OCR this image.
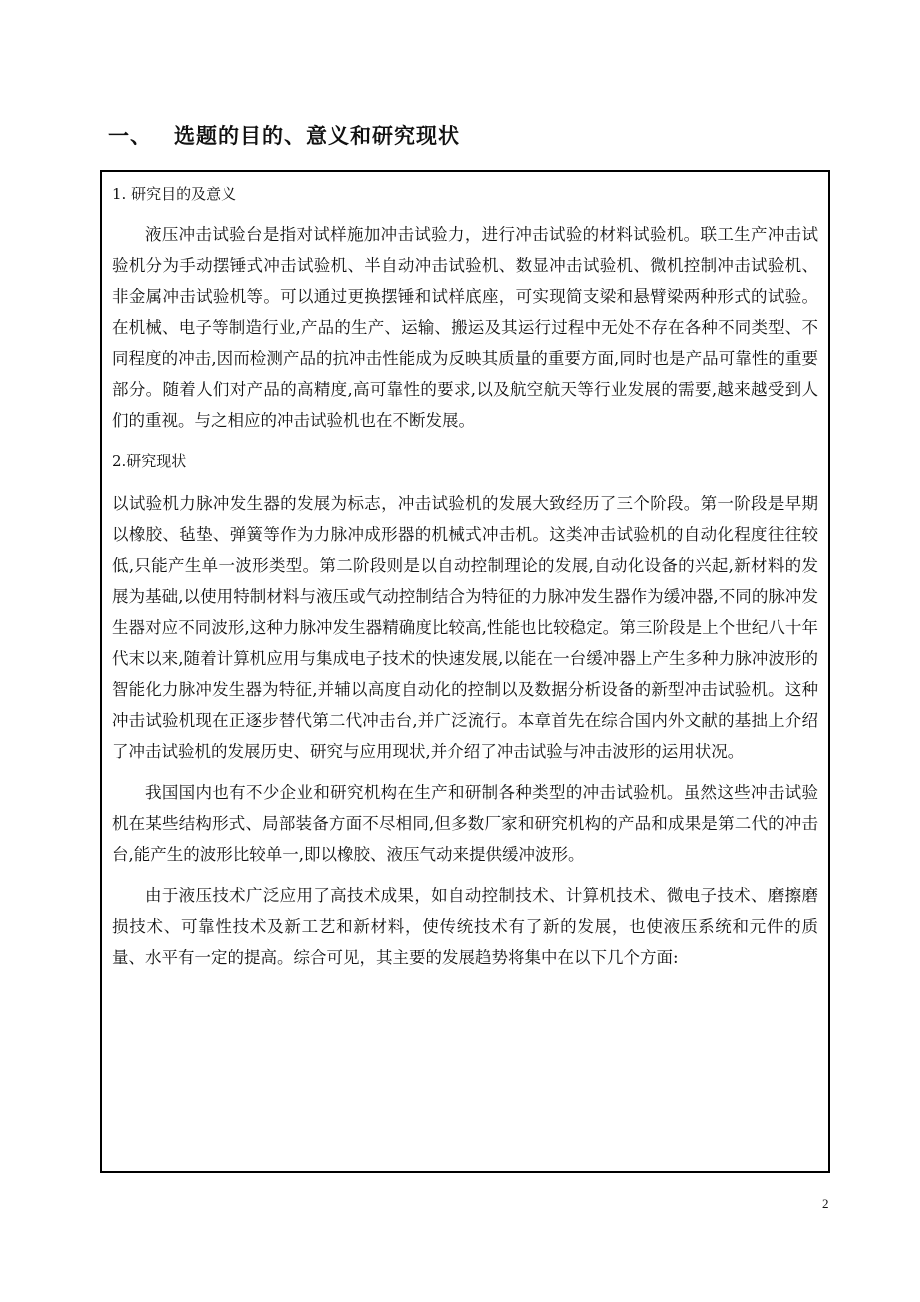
一、 选题的目的、意义和研究现状
1. 研究目的及意义

液压冲击试验台是指对试样施加冲击试验力，进行冲击试验的材料试验机。联工生产冲击试验机分为手动摆锤式冲击试验机、半自动冲击试验机、数显冲击试验机、微机控制冲击试验机、非金属冲击试验机等。可以通过更换摆锤和试样底座，可实现简支梁和悬臂梁两种形式的试验。在机械、电子等制造行业,产品的生产、运输、搬运及其运行过程中无处不存在各种不同类型、不同程度的冲击,因而检测产品的抗冲击性能成为反映其质量的重要方面,同时也是产品可靠性的重要部分。随着人们对产品的高精度,高可靠性的要求,以及航空航天等行业发展的需要,越来越受到人们的重视。与之相应的冲击试验机也在不断发展。

2.研究现状

以试验机力脉冲发生器的发展为标志，冲击试验机的发展大致经历了三个阶段。第一阶段是早期以橡胶、毡垫、弹簧等作为力脉冲成形器的机械式冲击机。这类冲击试验机的自动化程度往往较低,只能产生单一波形类型。第二阶段则是以自动控制理论的发展,自动化设备的兴起,新材料的发展为基础,以使用特制材料与液压或气动控制结合为特征的力脉冲发生器作为缓冲器,不同的脉冲发生器对应不同波形,这种力脉冲发生器精确度比较高,性能也比较稳定。第三阶段是上个世纪八十年代末以来,随着计算机应用与集成电子技术的快速发展,以能在一台缓冲器上产生多种力脉冲波形的智能化力脉冲发生器为特征,并辅以高度自动化的控制以及数据分析设备的新型冲击试验机。这种冲击试验机现在正逐步替代第二代冲击台,并广泛流行。本章首先在综合国内外文献的基拙上介绍了冲击试验机的发展历史、研究与应用现状,并介绍了冲击试验与冲击波形的运用状况。

我国国内也有不少企业和研究机构在生产和研制各种类型的冲击试验机。虽然这些冲击试验机在某些结构形式、局部装备方面不尽相同,但多数厂家和研究机构的产品和成果是第二代的冲击台,能产生的波形比较单一,即以橡胶、液压气动来提供缓冲波形。

由于液压技术广泛应用了高技术成果，如自动控制技术、计算机技术、微电子技术、磨擦磨损技术、可靠性技术及新工艺和新材料，使传统技术有了新的发展，也使液压系统和元件的质量、水平有一定的提高。综合可见，其主要的发展趋势将集中在以下几个方面:

2
